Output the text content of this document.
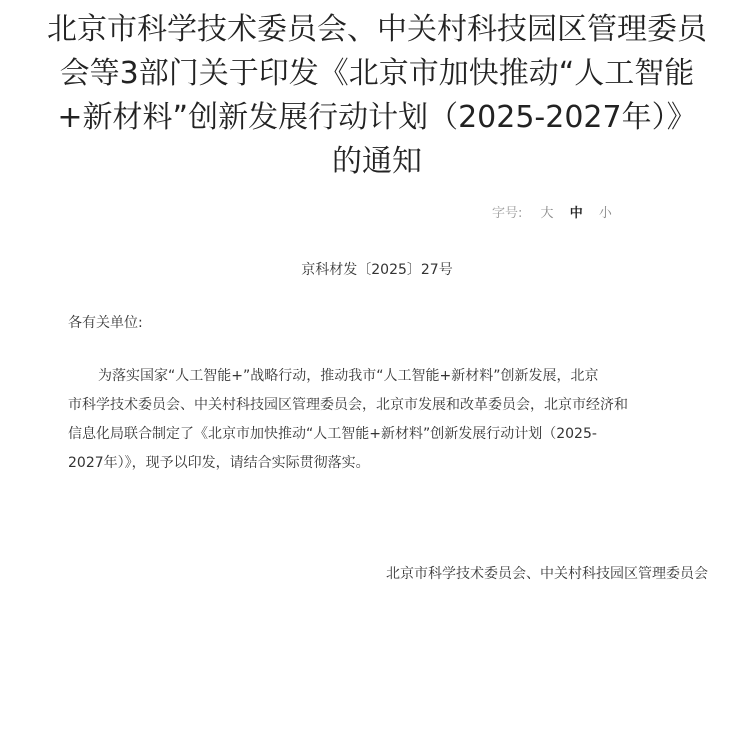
北京市科学技术委员会、中关村科技园区管理委员
会等3部门关于印发《北京市加快推动“人工智能
+新材料”创新发展行动计划（2025-2027年）》
的通知
字号: 大 中 小
京科材发〔2025〕27号
各有关单位:

为落实国家“人工智能+”战略行动，推动我市“人工智能+新材料”创新发展，北京
市科学技术委员会、中关村科技园区管理委员会，北京市发展和改革委员会，北京市经济和
信息化局联合制定了《北京市加快推动“人工智能+新材料”创新发展行动计划（2025-
2027年）》，现予以印发，请结合实际贯彻落实。

北京市科学技术委员会、中关村科技园区管理委员会
